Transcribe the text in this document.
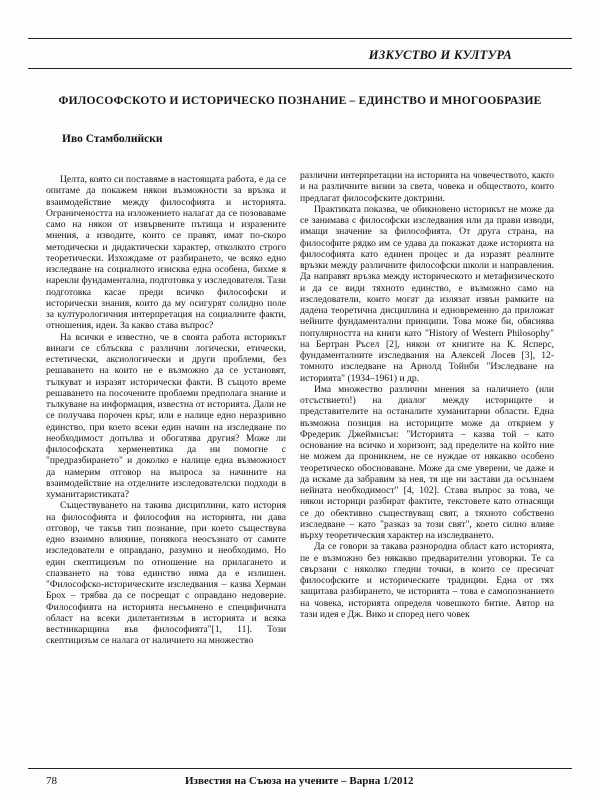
ИЗКУСТВО И КУЛТУРА
ФИЛОСОФСКОТО И ИСТОРИЧЕСКО ПОЗНАНИЕ – ЕДИНСТВО И МНОГООБРАЗИЕ
Иво Стамболийски

Целта, която си поставяме в настоящата работа, е да се опитаме да покажем някои възможности за връзка и взаимодействие между философията и историята. Ограничеността на изложението налагат да се позоваваме само на някои от извървените пътища и изразените мнения, а изводите, които се правят, имат по-скоро методически и дидактически характер, отколкото строго теоретически. Изхождаме от разбирането, че всяко едно изследване на социалното изисква една особена, бихме я нарекли фундаментална, подготовка у изследователя. Тази подготовка касае преди всичко философски и исторически знания, които да му осигурят солидно поле за културологичния интерпретация на социалните факти, отношения, идеи. За какво става въпрос?

На всички е известно, че в своята работа историкът винаги се сблъсква с различни логически, етически, естетически, аксиологически и други проблеми, без решаването на които не е възможно да се установят, тълкуват и изразят исторически факти. В същото време решаването на посочените проблеми предполага знание и тълкуване на информация, известна от историята. Дали не се получава порочен кръг, или е налице едно неразривно единство, при което всеки един начин на изследване по необходимост допълва и обогатява другия? Може ли философската херменевтика да ни помогне с "предразбирането" и доколко е налице една възможност да намерим отговор на въпроса за начините на взаимодействие на отделните изследователски подходи в хуманитаристиката?

Съществуването на такива дисциплини, като история на философията и философия на историята, ни дава отговор, че такъв тип познание, при което съществува едно взаимно влияние, понякога неосъзнато от самите изследователи е оправдано, разумно и необходимо. Но един скептицизъм по отношение на прилагането и спазването на това единство няма да е излишен. "Философско-историческите изследвания – казва Херман Брох – трябва да се посрещат с оправдано недоверие. Философията на историята несъмнено е специфичната област на всеки дилетантизъм в историята и всяка вестникарщина във философията"[1, 11]. Този скептицизъм се налага от наличието на множество

различни интерпретации на историята на човечеството, както и на различните визии за света, човека и обществото, които предлагат философските доктрини.

Практиката показва, че обикновено историкът не може да се занимава с философски изследвания или да прави изводи, имащи значение за философията. От друга страна, на философите рядко им се удава да покажат даже историята на философията като единен процес и да изразят реалните връзки между различните философски школи и направления. Да направят връзка между историческото и метафизическото и да се види тяхното единство, е възможно само на изследователи, които могат да излязат извън рамките на дадена теоретична дисциплина и едновременно да приложат нейните фундаментални принципи. Това може би, обяснява популярността на книги като "History of Western Philosophy" на Бертран Ръсел [2], някои от книгите на К. Ясперс, фундаменталните изследвания на Алексей Лосев [3], 12-томното изследване на Арнолд Тойнби "Изследване на историята" (1934–1961) и др.

Има множество различни мнения за наличието (или отсъствието!) на диалог между историците и представителите на останалите хуманитарни области. Една възможна позиция на историците може да открием у Фредерик Джеймисън: "Историята – казва той – като основание на всичко и хоризонт, зад пределите на който ние не можем да проникнем, не се нуждае от някакво особено теоретическо обосноваване. Може да сме уверени, че даже и да искаме да забравим за нея, тя ще ни застави да осъзнаем нейната необходимост" [4, 102]. Става въпрос за това, че някои историци разбират фактите, текстовете като отнасящи се до обективно съществуващ свят, а тяхното собствено изследване – като "разказ за този свят", което силно влияе върху теоретическия характер на изследването.

Да се говори за такава разнородна област като историята, пе е възможно без някакво предварителни уговорки. Те са свързани с няколко гледни точки, в които се пресичат философските и историческите традиции. Една от тях защитава разбирането, че историята – това е самопознанието на човека, историята определя човешкото битие. Автор на тази идея е Дж. Вико и според него човек

78	Известия на Съюза на учените – Варна 1/2012
